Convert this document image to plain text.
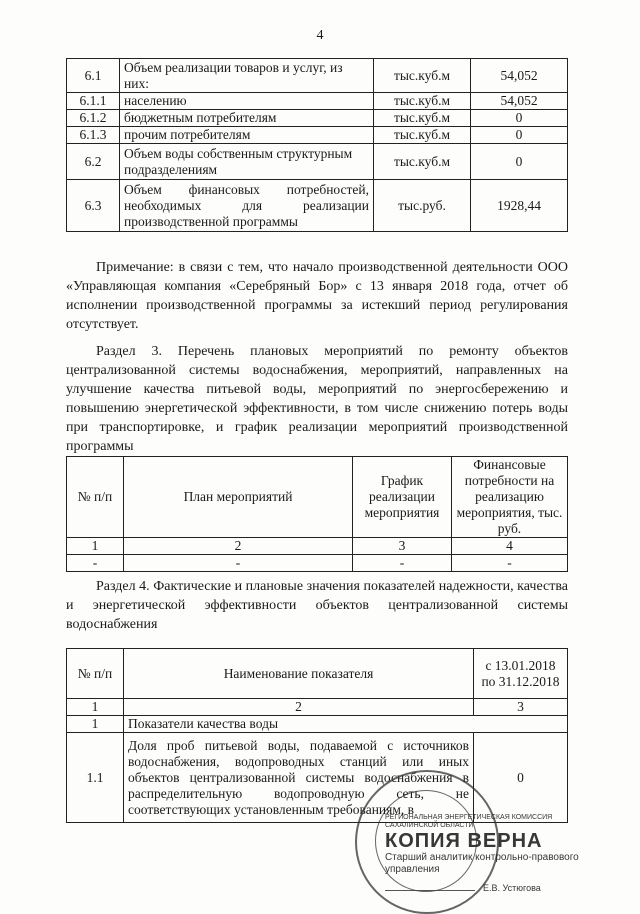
4
6.1	Объем реализации товаров и услуг, из них:	тыс.куб.м	54,052
6.1.1	населению	тыс.куб.м	54,052
6.1.2	бюджетным потребителям	тыс.куб.м	0
6.1.3	прочим потребителям	тыс.куб.м	0
6.2	Объем воды собственным структурным подразделениям	тыс.куб.м	0
6.3	Объем финансовых потребностей, необходимых для реализации производственной программы	тыс.руб.	1928,44
Примечание: в связи с тем, что начало производственной деятельности ООО «Управляющая компания «Серебряный Бор» с 13 января 2018 года, отчет об исполнении производственной программы за истекший период регулирования отсутствует.
Раздел 3. Перечень плановых мероприятий по ремонту объектов централизованной системы водоснабжения, мероприятий, направленных на улучшение качества питьевой воды, мероприятий по энергосбережению и повышению энергетической эффективности, в том числе снижению потерь воды при транспортировке, и график реализации мероприятий производственной программы
№ п/п	План мероприятий	График реализации мероприятия	Финансовые потребности на реализацию мероприятия, тыс. руб.
1	2	3	4
-	-	-	-
Раздел 4. Фактические и плановые значения показателей надежности, качества и энергетической эффективности объектов централизованной системы водоснабжения
№ п/п	Наименование показателя	с 13.01.2018 по 31.12.2018
1	2	3
1	Показатели качества воды	
1.1	Доля проб питьевой воды, подаваемой с источников водоснабжения, водопроводных станций или иных объектов централизованной системы водоснабжения в распределительную водопроводную сеть, не соответствующих установленным требованиям, в	0
РЕГИОНАЛЬНАЯ ЭНЕРГЕТИЧЕСКАЯ КОМИССИЯ САХАЛИНСКОЙ ОБЛАСТИ
КОПИЯ ВЕРНА
Старший аналитик контрольно-правового управления
Е.В. Устюгова
